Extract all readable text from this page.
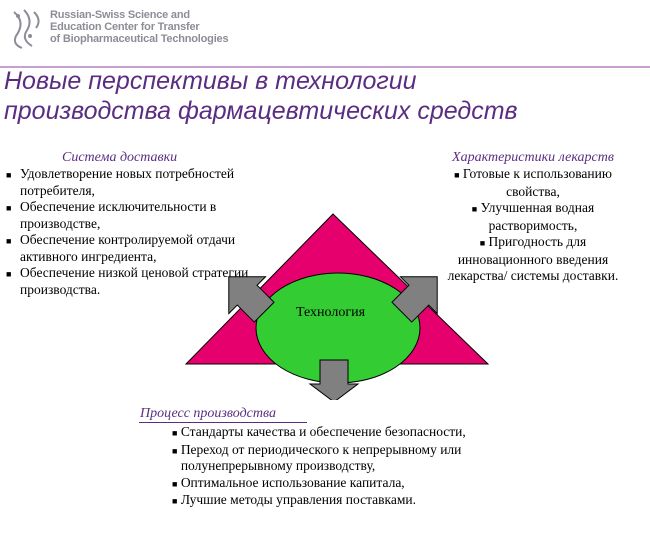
Russian-Swiss Science and
Education Center for Transfer
of Biopharmaceutical Technologies
Новые перспективы в технологии
производства фармацевтических средств
Технология
Система доставки
■ Удовлетворение новых потребностей потребителя,
■ Обеспечение исключительности в производстве,
■ Обеспечение контролируемой отдачи активного ингредиента,
■ Обеспечение низкой ценовой стратегии производства.
Характеристики лекарств
■ Готовые к использованию свойства,
■ Улучшенная водная растворимость,
■ Пригодность для инновационного введения лекарства/ системы доставки.
Процесс производства
■ Стандарты качества и обеспечение безопасности,
■ Переход от периодического к непрерывному или полунепрерывному производству,
■ Оптимальное использование капитала,
■ Лучшие методы управления поставками.
